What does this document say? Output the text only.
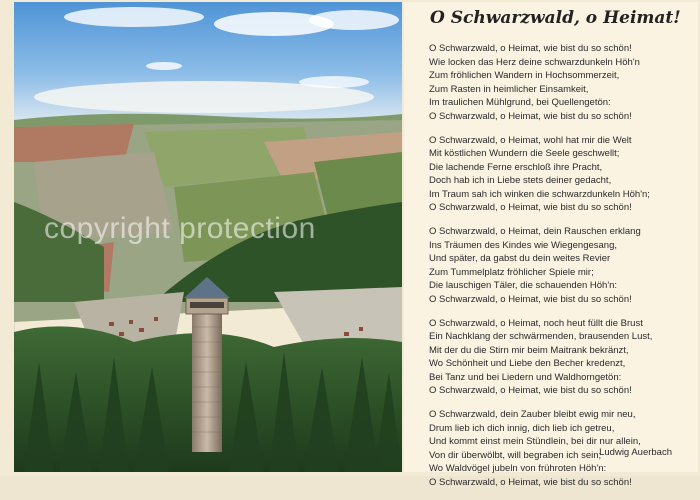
copyright protection
O Schwarzwald, o Heimat!
O Schwarzwald, o Heimat, wie bist du so schön!
Wie locken das Herz deine schwarzdunkeln Höh'n
Zum fröhlichen Wandern in Hochsommerzeit,
Zum Rasten in heimlicher Einsamkeit,
Im traulichen Mühlgrund, bei Quellengetön:
O Schwarzwald, o Heimat, wie bist du so schön!
O Schwarzwald, o Heimat, wohl hat mir die Welt
Mit köstlichen Wundern die Seele geschwellt;
Die lachende Ferne erschloß ihre Pracht,
Doch hab ich in Liebe stets deiner gedacht,
Im Traum sah ich winken die schwarzdunkeln Höh'n;
O Schwarzwald, o Heimat, wie bist du so schön!
O Schwarzwald, o Heimat, dein Rauschen erklang
Ins Träumen des Kindes wie Wiegengesang,
Und später, da gabst du dein weites Revier
Zum Tummelplatz fröhlicher Spiele mir;
Die lauschigen Täler, die schauenden Höh'n:
O Schwarzwald, o Heimat, wie bist du so schön!
O Schwarzwald, o Heimat, noch heut füllt die Brust
Ein Nachklang der schwärmenden, brausenden Lust,
Mit der du die Stirn mir beim Maitrank bekränzt,
Wo Schönheit und Liebe den Becher kredenzt,
Bei Tanz und bei Liedern und Waldhorngetön:
O Schwarzwald, o Heimat, wie bist du so schön!
O Schwarzwald, dein Zauber bleibt ewig mir neu,
Drum lieb ich dich innig, dich lieb ich getreu,
Und kommt einst mein Stündlein, bei dir nur allein,
Von dir überwölbt, will begraben ich sein;
Wo Waldvögel jubeln von frühroten Höh'n:
O Schwarzwald, o Heimat, wie bist du so schön!
Ludwig Auerbach
